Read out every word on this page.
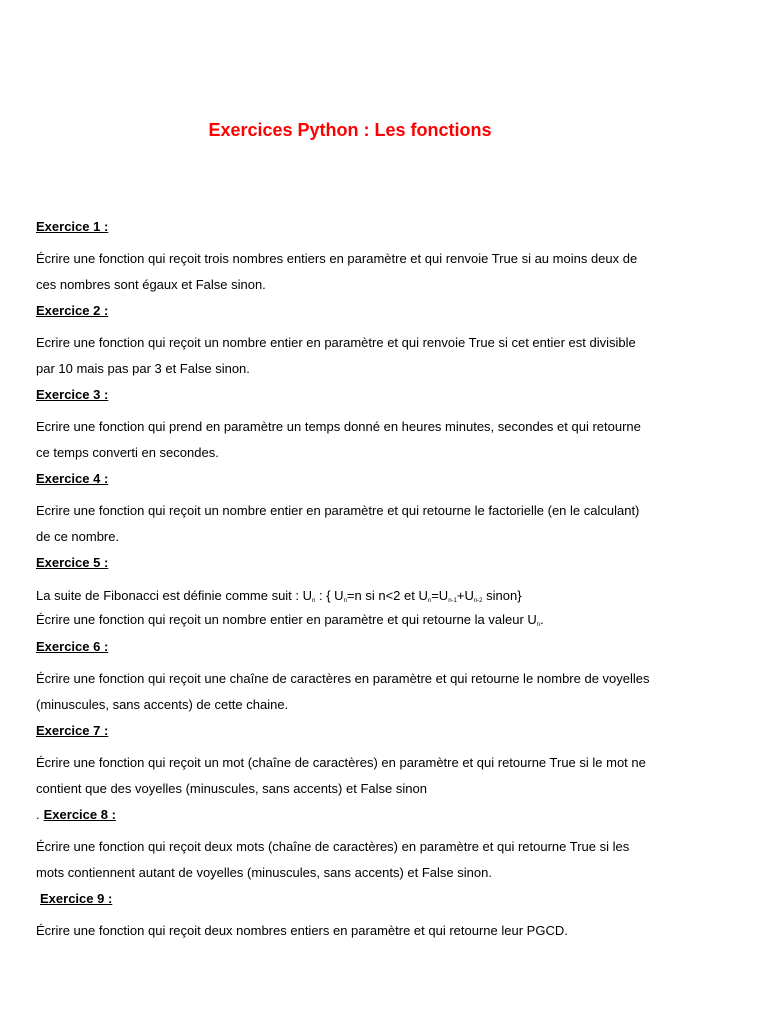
Exercices Python : Les fonctions
Exercice 1 :
Écrire une fonction qui reçoit trois nombres entiers en paramètre et qui renvoie True si au moins deux de ces nombres sont égaux et False sinon.
Exercice 2 :
Ecrire une fonction qui reçoit un nombre entier en paramètre et qui renvoie True si cet entier est divisible par 10 mais pas par 3 et False sinon.
Exercice 3 :
Ecrire une fonction qui prend en paramètre un temps donné en heures minutes, secondes et qui retourne ce temps converti en secondes.
Exercice 4 :
Ecrire une fonction qui reçoit un nombre entier en paramètre et qui retourne le factorielle (en le calculant) de ce nombre.
Exercice 5 :
La suite de Fibonacci est définie comme suit : $U_n$ : { $U_n=n$ si n<2 et $U_n=U_{n-1}+U_{n-2}$ sinon}
Écrire une fonction qui reçoit un nombre entier en paramètre et qui retourne la valeur $U_n$.
Exercice 6 :
Écrire une fonction qui reçoit une chaîne de caractères en paramètre et qui retourne le nombre de voyelles (minuscules, sans accents) de cette chaine.
Exercice 7 :
Écrire une fonction qui reçoit un mot (chaîne de caractères) en paramètre et qui retourne True si le mot ne contient que des voyelles (minuscules, sans accents) et False sinon
. Exercice 8 :
Écrire une fonction qui reçoit deux mots (chaîne de caractères) en paramètre et qui retourne True si les mots contiennent autant de voyelles (minuscules, sans accents) et False sinon.
Exercice 9 :
Écrire une fonction qui reçoit deux nombres entiers en paramètre et qui retourne leur PGCD.
